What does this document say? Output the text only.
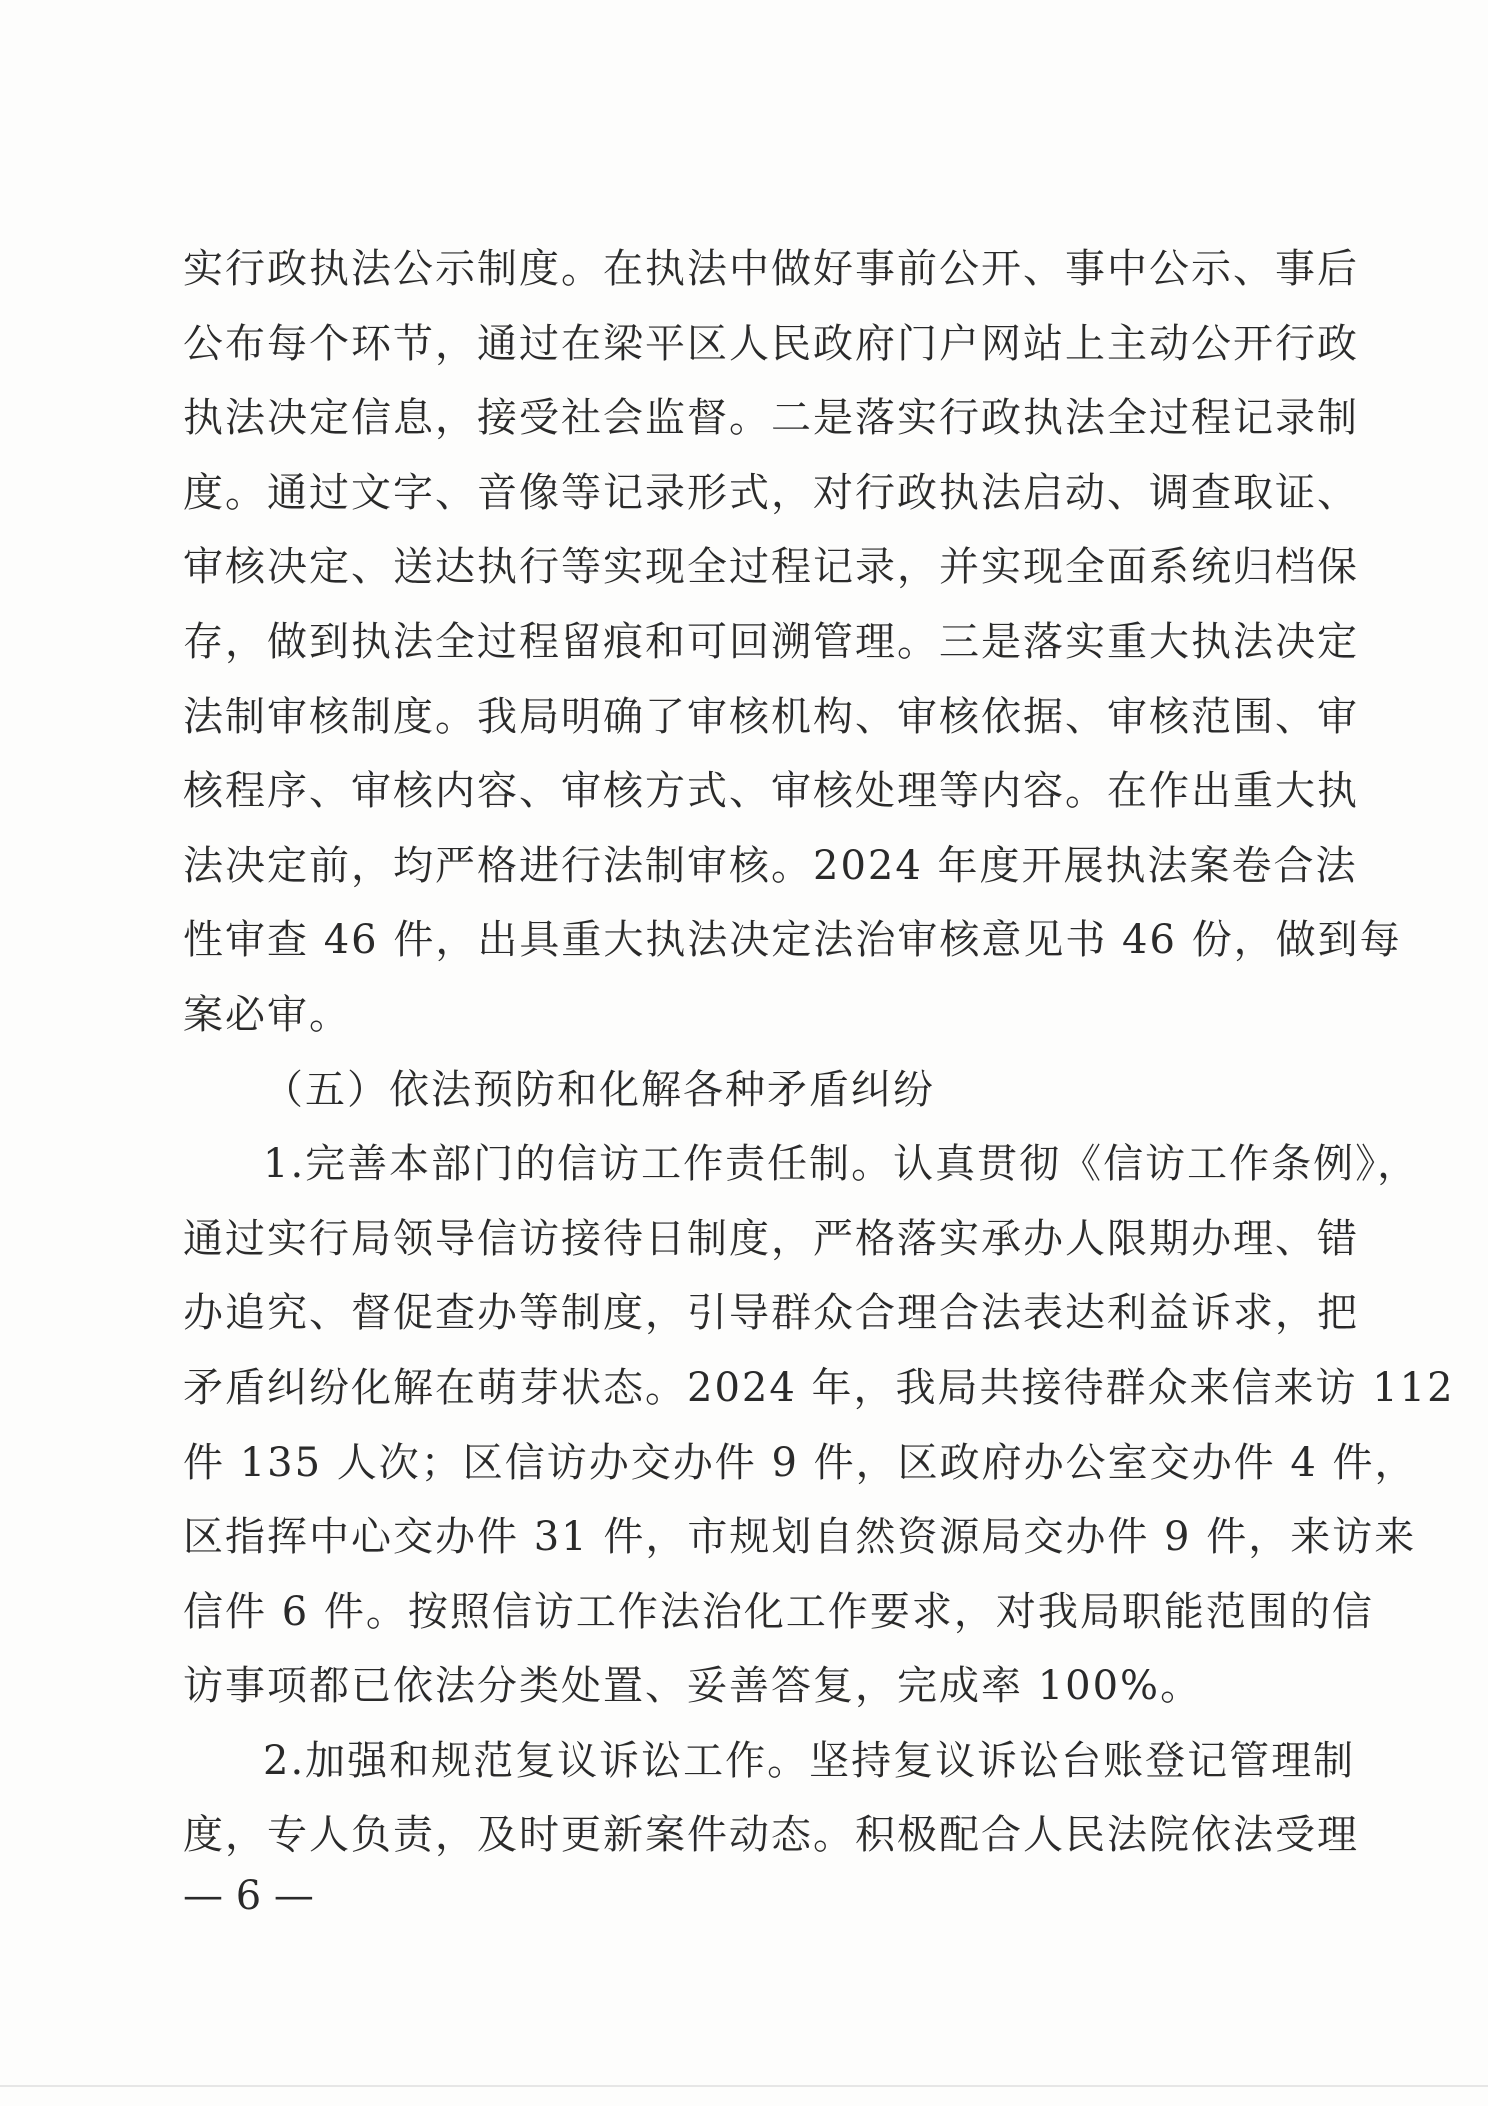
实行政执法公示制度。在执法中做好事前公开、事中公示、事后
公布每个环节，通过在梁平区人民政府门户网站上主动公开行政
执法决定信息，接受社会监督。二是落实行政执法全过程记录制
度。通过文字、音像等记录形式，对行政执法启动、调查取证、
审核决定、送达执行等实现全过程记录，并实现全面系统归档保
存，做到执法全过程留痕和可回溯管理。三是落实重大执法决定
法制审核制度。我局明确了审核机构、审核依据、审核范围、审
核程序、审核内容、审核方式、审核处理等内容。在作出重大执
法决定前，均严格进行法制审核。2024 年度开展执法案卷合法
性审查 46 件，出具重大执法决定法治审核意见书 46 份，做到每
案必审。
（五）依法预防和化解各种矛盾纠纷
1.完善本部门的信访工作责任制。认真贯彻《信访工作条例》，
通过实行局领导信访接待日制度，严格落实承办人限期办理、错
办追究、督促查办等制度，引导群众合理合法表达利益诉求，把
矛盾纠纷化解在萌芽状态。2024 年，我局共接待群众来信来访 112
件 135 人次；区信访办交办件 9 件，区政府办公室交办件 4 件，
区指挥中心交办件 31 件，市规划自然资源局交办件 9 件，来访来
信件 6 件。按照信访工作法治化工作要求，对我局职能范围的信
访事项都已依法分类处置、妥善答复，完成率 100%。
2.加强和规范复议诉讼工作。坚持复议诉讼台账登记管理制
度，专人负责，及时更新案件动态。积极配合人民法院依法受理
— 6 —
